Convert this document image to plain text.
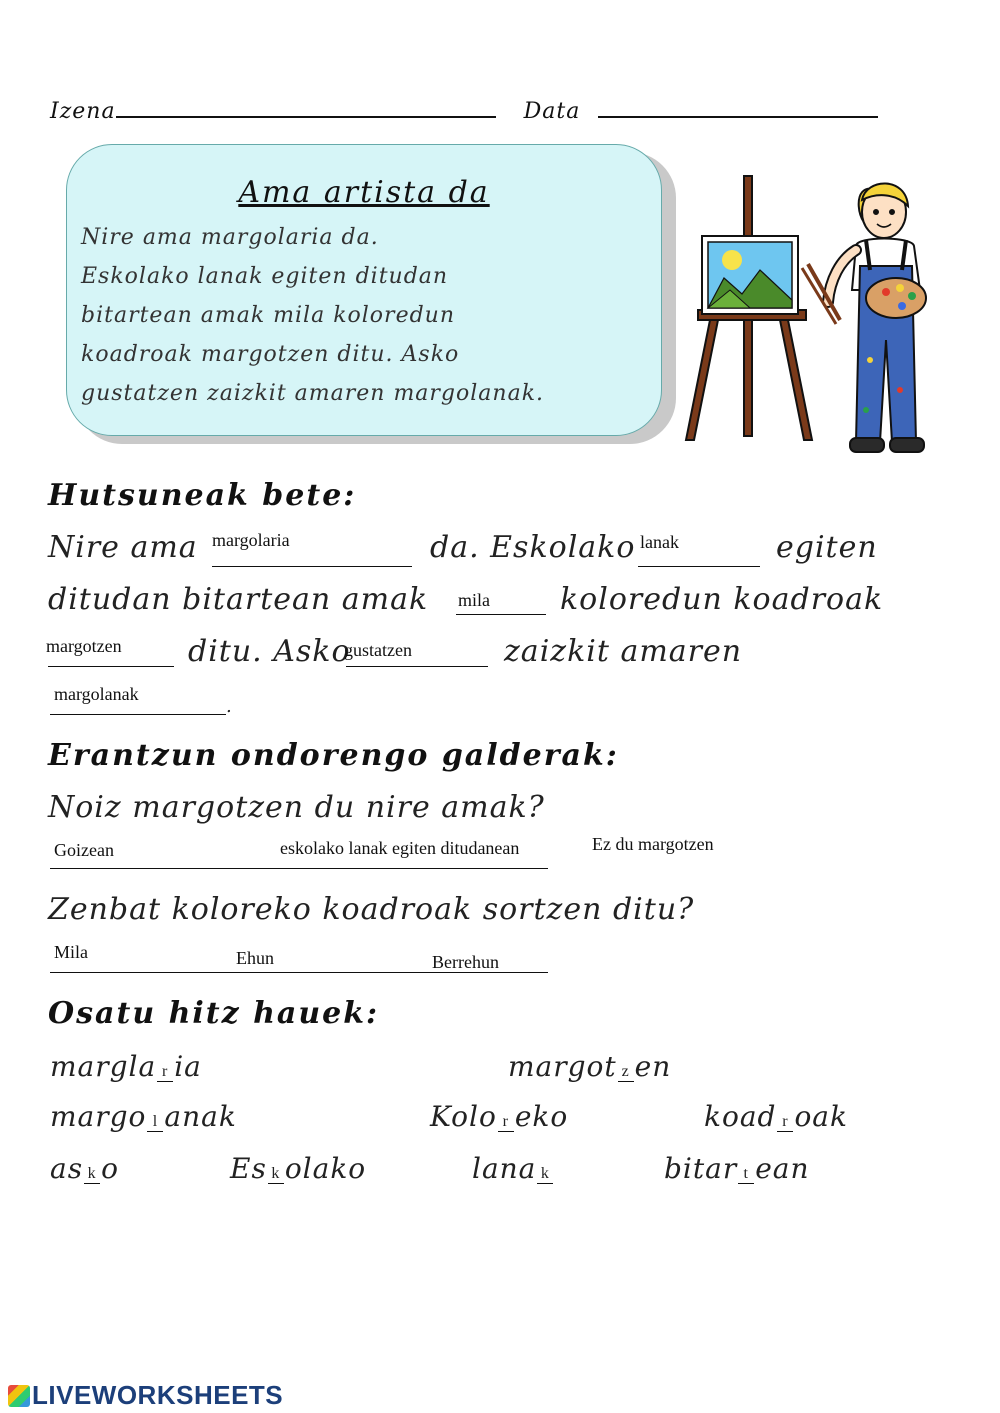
Izena	Data
Ama artista da
Nire ama margolaria da.
Eskolako lanak egiten ditudan
bitartean amak mila koloredun
koadroak margotzen ditu. Asko
gustatzen zaizkit amaren margolanak.
Hutsuneak bete:
Nire ama margolaria	da. Eskolako lanak	egiten
ditudan bitartean amak mila koloredun koadroak
margotzen ditu. Asko
gustatzen	zaizkit amaren
margolanak
.
Erantzun ondorengo galderak:
Noiz margotzen du nire amak?
Goizean	eskolako lanak egiten ditudanean	Ez du margotzen
Zenbat koloreko koadroak sortzen ditu?
Mila	Ehun	Berrehun
Osatu hitz hauek:
margla r ia	margot z en
margo l anak	Kolo r eko	koad r oak
as k o	Es k olako	lana k	bitar t ean
LIVEWORKSHEETS
